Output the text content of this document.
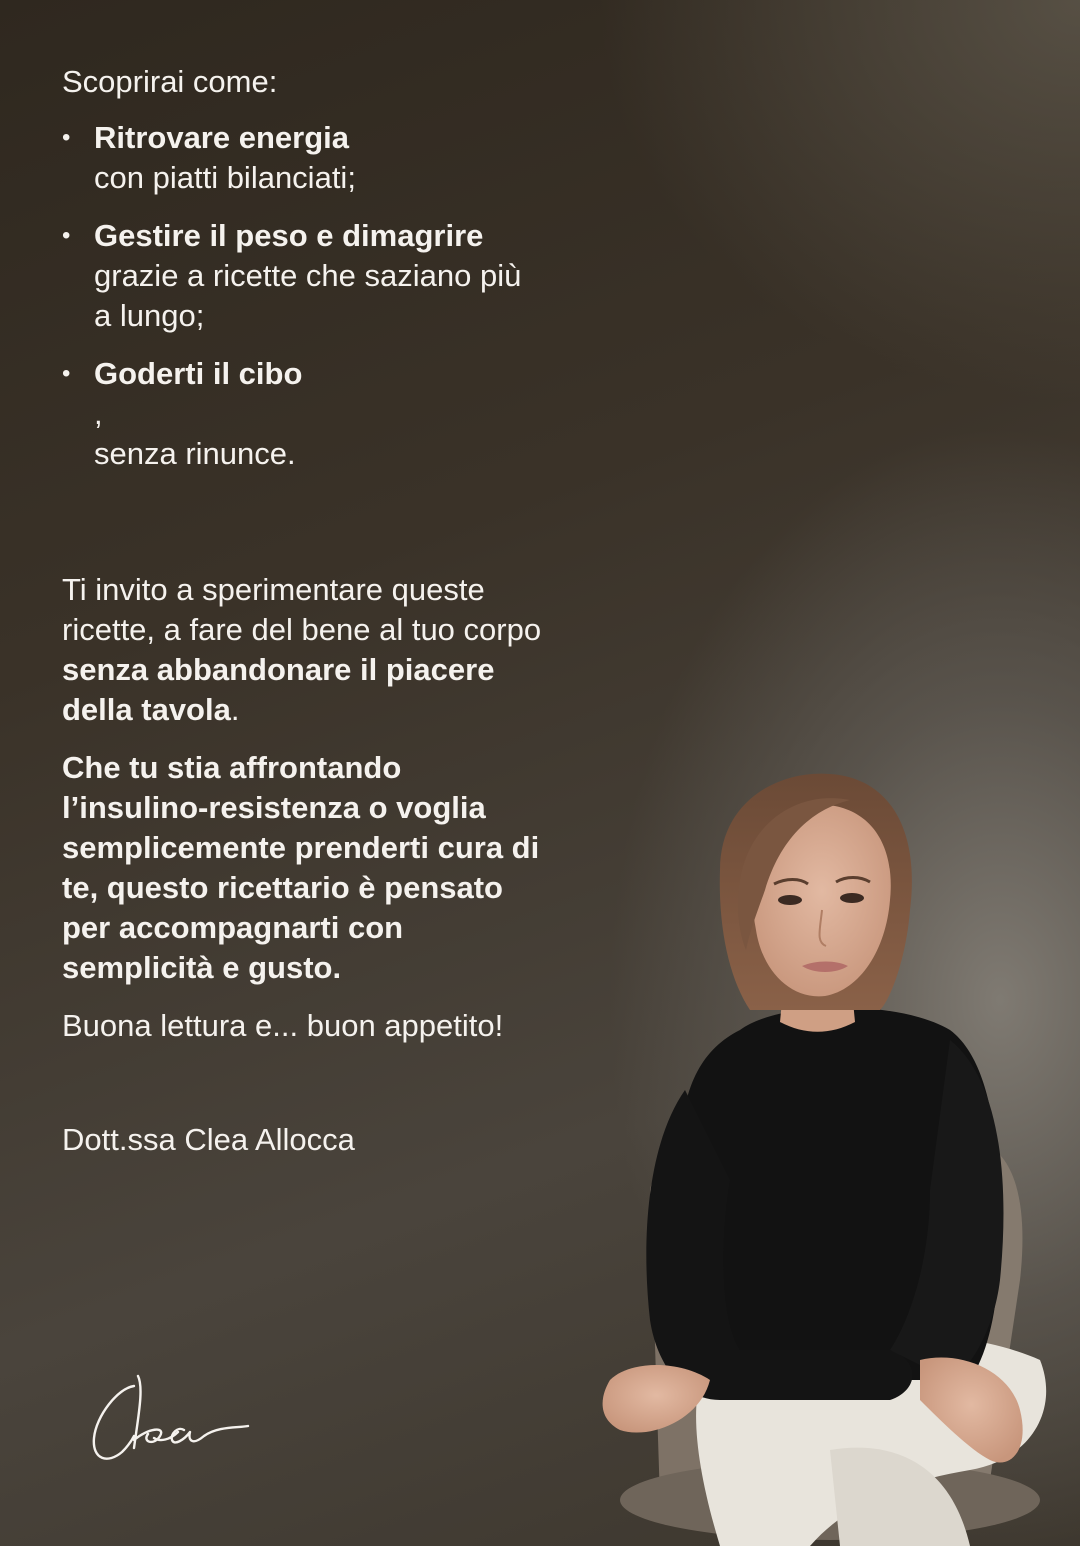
Scoprirai come:

• Ritrovare energia
con piatti bilanciati;
• Gestire il peso e dimagrire
grazie a ricette che saziano più a lungo;
• Goderti il cibo
,
senza rinunce.

Ti invito a sperimentare queste ricette, a fare del bene al tuo corpo senza abbandonare il piacere della tavola.

Che tu stia affrontando l’insulino-resistenza o voglia semplicemente prenderti cura di te, questo ricettario è pensato per accompagnarti con semplicità e gusto.

Buona lettura e... buon appetito!

Dott.ssa Clea Allocca
